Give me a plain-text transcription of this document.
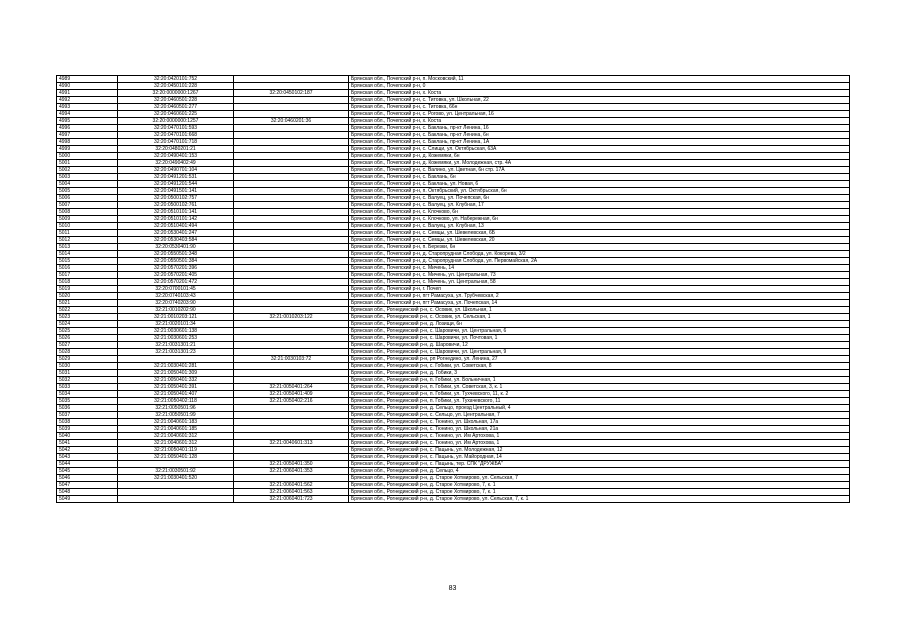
4989	32:20:0420101:752		Брянская обл., Почепский р-н, п. Московский, 11
4990	32:20:0450101:228		Брянская обл., Почепский р-н, 0
4991	32:20:0000000:1267	32:20:0450102:187	Брянская обл., Почепский р-н, х. Коста
4992	32:20:0460501:228		Брянская обл., Почепский р-н, с. Титовка, ул. Школьная, 22
4993	32:20:0460501:277		Брянская обл., Почепский р-н, с. Титовка, 66н
4994	32:20:0460601:225		Брянская обл., Почепский р-н, с. Рогово, ул. Центральная, 16
4995	32:20:0000000:1257	32:20:0460201:36	Брянская обл., Почепский р-н, х. Коста
4996	32:20:0470101:593		Брянская обл., Почепский р-н, с. Баклань, пр-кт Ленина, 16
4997	32:20:0470101:668		Брянская обл., Почепский р-н, с. Баклань, пр-кт Ленина, 6н
4998	32:20:0470101:718		Брянская обл., Почепский р-н, с. Баклань, пр-кт Ленина, 1А
4999	32:20:0480201:21		Брянская обл., Почепский р-н, с. Слищи, ул. Октябрьская, 63А
5000	32:20:0490401:153		Брянская обл., Почепский р-н, д. Кожемяки, 6н
5001	32:20:0490402:49		Брянская обл., Почепский р-н, д. Кожемяки, ул. Молодежная, стр. 4А
5002	32:20:0490701:104		Брянская обл., Почепский р-н, с. Валино, ул. Цветная, 6н стр. 17А
5003	32:20:0491201:531		Брянская обл., Почепский р-н, с. Баклань, 6н
5004	32:20:0491201:544		Брянская обл., Почепский р-н, с. Баклань, ул. Новая, 6
5005	32:20:0491501:141		Брянская обл., Почепский р-н, п. Октябрьский, ул. Октябрьская, 6н
5006	32:20:0500102:757		Брянская обл., Почепский р-н, с. Валуец, ул. Почепская, 6н
5007	32:20:0500102:761		Брянская обл., Почепский р-н, с. Валуец, ул. Клубная, 17
5008	32:20:0510101:141		Брянская обл., Почепский р-н, с. Клочково, 6н
5009	32:20:0510101:142		Брянская обл., Почепский р-н, с. Клочково, ул. Набережная, 6н
5010	32:20:0510401:494		Брянская обл., Почепский р-н, с. Валуец, ул. Клубная, 13
5011	32:20:0530401:247		Брянская обл., Почепский р-н, с. Семцы, ул. Шевелевская, 6Б
5012	32:20:0530403:584		Брянская обл., Почепский р-н, с. Семцы, ул. Шевелевская, 20
5013	32:20:0530401:90		Брянская обл., Почепский р-н, п. Березки, 6н
5014	32:20:0550501:348		Брянская обл., Почепский р-н, д. Старопрудная Слобода, ул. Кокорева, 3/2
5015	32:20:0550501:384		Брянская обл., Почепский р-н, д. Старопрудная Слобода, ул. Первомайская, 2А
5016	32:20:0570201:396		Брянская обл., Почепский р-н, с. Мичень, 14
5017	32:20:0570201:405		Брянская обл., Почепский р-н, с. Мичень, ул. Центральная, 73
5018	32:20:0570201:472		Брянская обл., Почепский р-н, с. Мичень, ул. Центральная, 58
5019	32:20:0700101:45		Брянская обл., Почепский р-н, г. Почеп
5020	32:20:0740103:43		Брянская обл., Почепский р-н, пгт Рамасуха, ул. Трубчевская, 2
5021	32:20:0740203:90		Брянская обл., Почепский р-н, пгт Рамасуха, ул. Почепская, 14
5022	32:21:0010202:90		Брянская обл., Рогнединский р-н, с. Осовик, ул. Школьная, 1
5023	32:21:0010203:121	32:21:0010203:122	Брянская обл., Рогнединский р-н, с. Осовик, ул. Сельская, 1
5024	32:21:0020101:34		Брянская обл., Рогнединский р-н, д. Лозищи, 6н
5025	32:21:0030601:138		Брянская обл., Рогнединский р-н, с. Шаровичи, ул. Центральная, 6
5026	32:21:0030601:253		Брянская обл., Рогнединский р-н, с. Шаровичи, ул. Почтовая, 1
5027	32:21:0031301:21		Брянская обл., Рогнединский р-н, д. Шаровичи, 12
5028	32:21:0031301:23		Брянская обл., Рогнединский р-н, с. Шаровичи, ул. Центральная, 9
5029		32:21:0030103:72	Брянская обл., Рогнединский р-н, рп Рогнедино, ул. Ленина, 27
5030	32:21:0030401:281		Брянская обл., Рогнединский р-н, с. Гобики, ул. Советская, 8
5031	32:21:0050401:309		Брянская обл., Рогнединский р-н, д. Гобики, 3
5032	32:21:0050401:332		Брянская обл., Рогнединский р-н, п. Гобики, ул. Больничная, 1
5033	32:21:0050401:391	32:21:0050401:264	Брянская обл., Рогнединский р-н, п. Гобики, ул. Советская, 3, к. 1
5034	32:21:0050401:407	32:21:0050401:409	Брянская обл., Рогнединский р-н, п. Гобики, ул. Тухчевского, 11, к. 2
5035	32:21:0050402:118	32:21:0050402:216	Брянская обл., Рогнединский р-н, п. Гобики, ул. Тухачевского, 11
5036	32:21:0050501:96		Брянская обл., Рогнединский р-н, д. Сельцо, проезд Центральный, 4
5037	32:21:0050501:99		Брянская обл., Рогнединский р-н, с. Сельцо, ул. Центральная, 7
5038	32:21:0040601:183		Брянская обл., Рогнединский р-н, с. Тюнино, ул. Школьная, 17а
5039	32:21:0040601:185		Брянская обл., Рогнединский р-н, с. Тюнино, ул. Школьная, 21а
5040	32:21:0040601:312		Брянская обл., Рогнединский р-н, с. Тюнино, ул. Им Артохова, 1
5041	32:21:0040601:312	32:21:0040601:313	Брянская обл., Рогнединский р-н, с. Тюнино, ул. Им Артохова, 1
5042	32:21:0050401:119		Брянская обл., Рогнединский р-н, с. Пацынь, ул. Молодежная, 12
5043	32:21:0050401:128		Брянская обл., Рогнединский р-н, с. Пацынь, ул. Майородная, 14
5044		32:21:0050401:350	Брянская обл., Рогнединский р-н, с. Пацынь, тер. СПК "ДРУЖБА"
5045	32:21:0030501:92	32:21:0060401:353	Брянская обл., Рогнединский р-н, д. Сельцо, 4
5046	32:21:0030401:520		Брянская обл., Рогнединский р-н, д. Старое Хотмирово, ул. Сельская, 7
5047		32:21:0060401:562	Брянская обл., Рогнединский р-н, д. Старое Хотмирово, 7, к. 1
5048		32:21:0060401:563	Брянская обл., Рогнединский р-н, д. Старое Хотмирово, 7, к. 1
5049		32:21:0060401:723	Брянская обл., Рогнединский р-н, д. Старое Хотмирово, ул. Сельская, 7, к. 1
83
